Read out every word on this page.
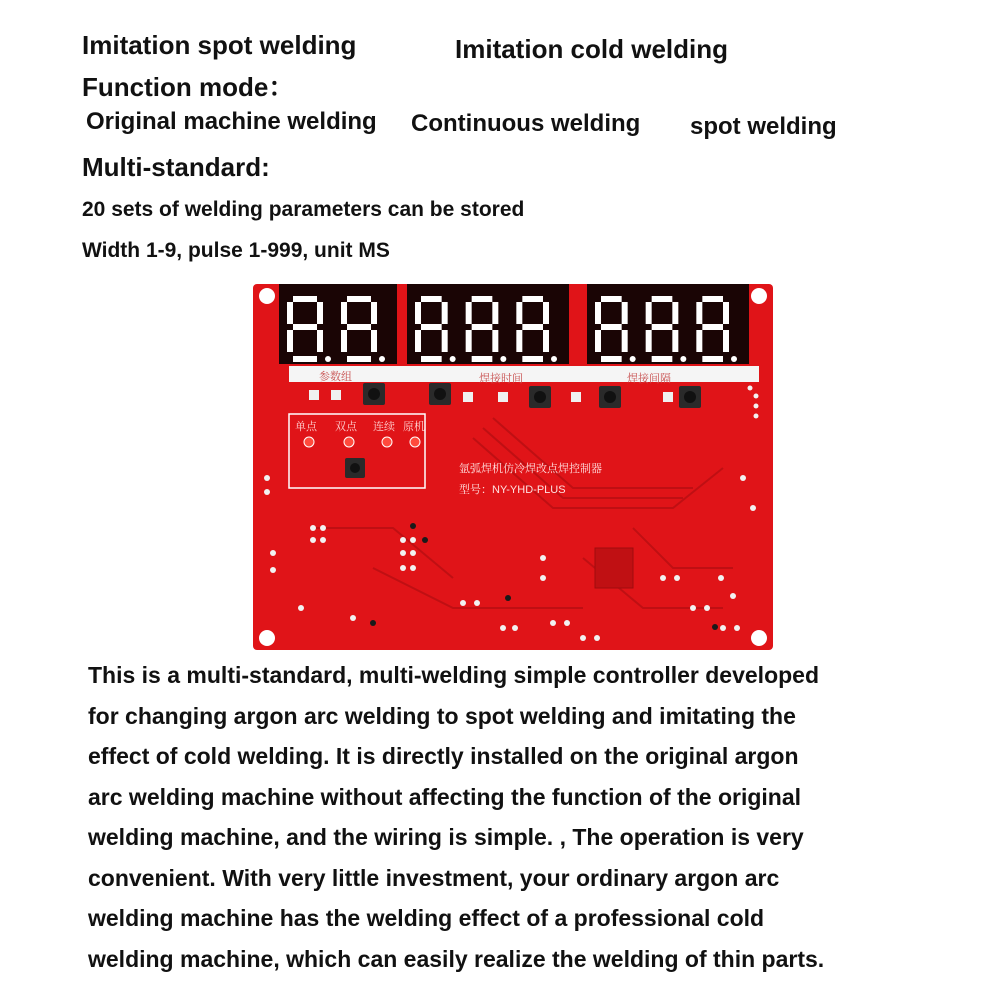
Imitation spot welding	Imitation cold welding
Function mode：
Original machine welding Continuous welding spot welding
Multi-standard:
20 sets of welding parameters can be stored
Width 1-9, pulse 1-999, unit MS
参数组	焊接时间	焊接间隔
单点 双点 连续 原机
氩弧焊机仿冷焊改点焊控制器
型号：NY-YHD-PLUS

This is a multi-standard, multi-welding simple controller developed

for changing argon arc welding to spot welding and imitating the

effect of cold welding. It is directly installed on the original argon

arc welding machine without affecting the function of the original

welding machine, and the wiring is simple. , The operation is very

convenient. With very little investment, your ordinary argon arc

welding machine has the welding effect of a professional cold

welding machine, which can easily realize the welding of thin parts.
